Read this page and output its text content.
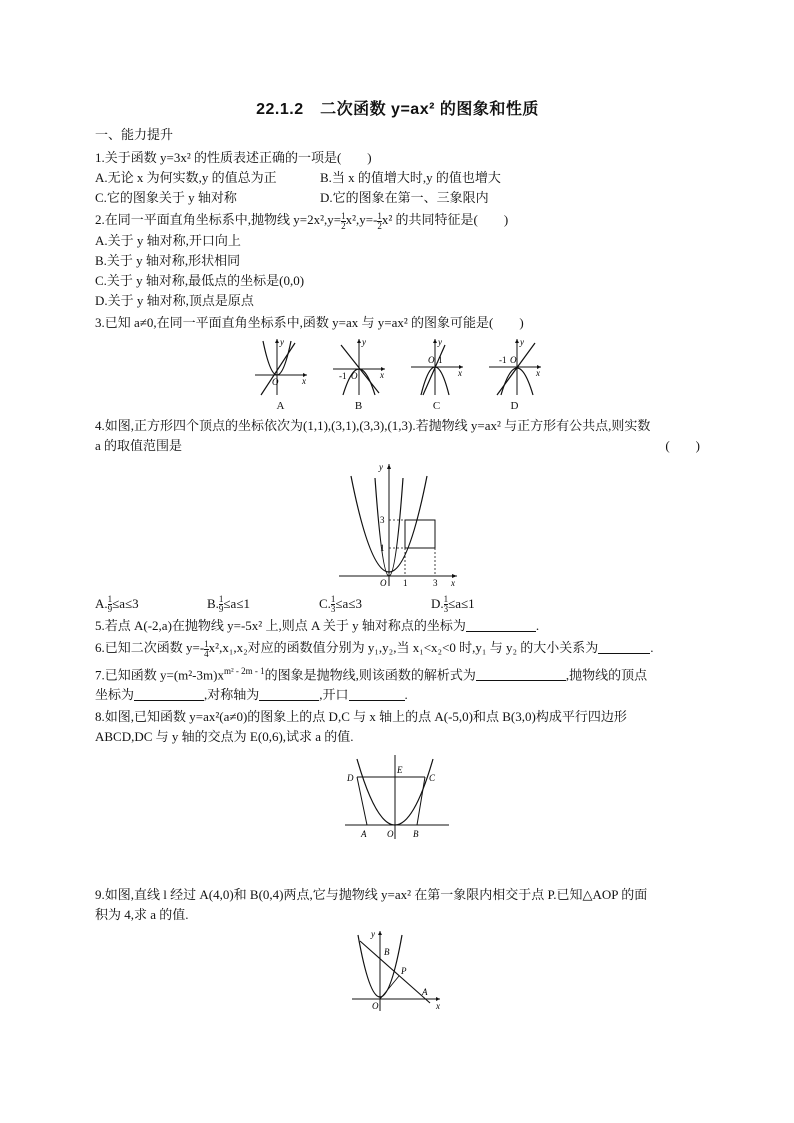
22.1.2　二次函数 y=ax² 的图象和性质
一、能力提升
1.关于函数 y=3x² 的性质表述正确的一项是(　　)
A.无论 x 为何实数,y 的值总为正	B.当 x 的值增大时,y 的值也增大
C.它的图象关于 y 轴对称	D.它的图象在第一、三象限内
2.在同一平面直角坐标系中,抛物线 $y=2x^2,y= \frac{1}{2} x^2,y=- \frac{1}{2} x^2$ 的共同特征是(　　)
A.关于 y 轴对称,开口向上
B.关于 y 轴对称,形状相同
C.关于 y 轴对称,最低点的坐标是(0,0)
D.关于 y 轴对称,顶点是原点
3.已知 a≠0,在同一平面直角坐标系中,函数 y=ax 与 y=ax² 的图象可能是(　　)
O	x
y
A
-1 O	x
y
B
O 1
x
y
C
-1 O
x
y
D
4.如图,正方形四个顶点的坐标依次为(1,1),(3,1),(3,3),(1,3).若抛物线 y=ax² 与正方形有公共点,则实数
a 的取值范围是	(　　)
3
1
1	3
O	x
y
A. $\frac{1}{9} \le a\le 3$	B. $\frac{1}{9} \le a\le 1$	C. $\frac{1}{3} \le a\le 3$	D. $\frac{1}{3} \le a\le 1$
5.若点 A(-2,a)在抛物线 y=-5x² 上,则点 A 关于 y 轴对称点的坐标为	.
6.已知二次函数 $y=- \frac{1}{4} x^2,x_1,x_2$对应的函数值分别为 y₁,y₂,当 x₁<x₂<0 时,y₁ 与 y₂ 的大小关系为	.
7.已知函数 $y=(m^2-3m)x^{m^2 - 2m - 1}$的图象是抛物线,则该函数的解析式为	,抛物线的顶点
坐标为	,对称轴为	,开口	.
8.如图,已知函数 y=ax²(a≠0)的图象上的点 D,C 与 x 轴上的点 A(-5,0)和点 B(3,0)构成平行四边形
ABCD,DC 与 y 轴的交点为 E(0,6),试求 a 的值.
D
E
C
A O B
9.如图,直线 l 经过 A(4,0)和 B(0,4)两点,它与抛物线 y=ax² 在第一象限内相交于点 P.已知△AOP 的面
积为 4,求 a 的值.
B
P
A
O	x
y
